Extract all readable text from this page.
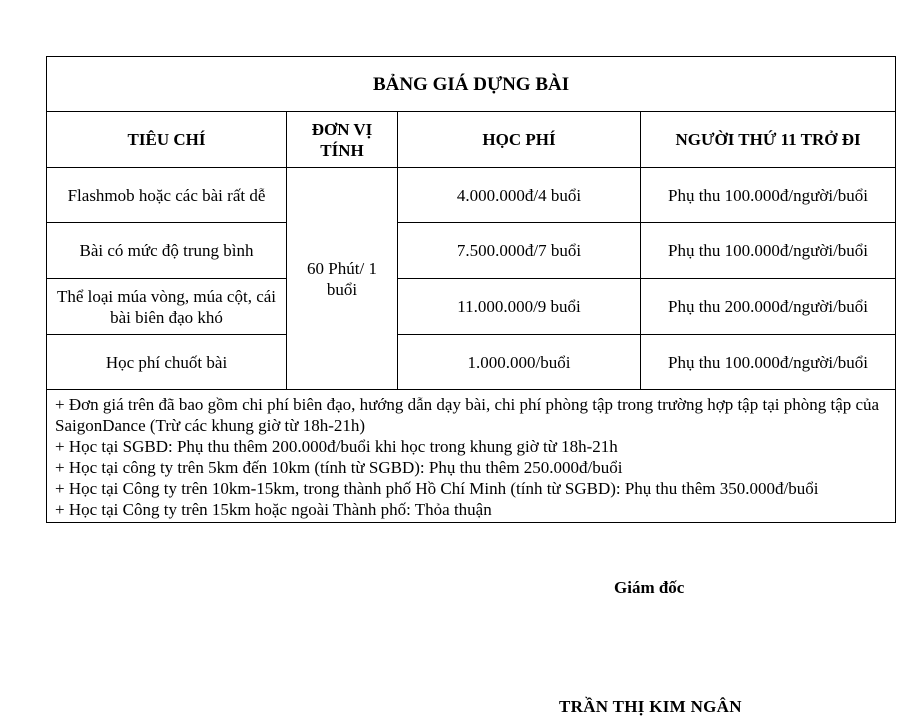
BẢNG GIÁ DỰNG BÀI			
TIÊU CHÍ	ĐƠN VỊ TÍNH	HỌC PHÍ	NGƯỜI THỨ 11 TRỞ ĐI
Flashmob hoặc các bài rất dễ	60 Phút/ 1 buổi	4.000.000đ/4 buổi	Phụ thu 100.000đ/người/buổi
Bài có mức độ trung bình		7.500.000đ/7 buổi	Phụ thu 100.000đ/người/buổi
Thể loại múa vòng, múa cột, cái bài biên đạo khó		11.000.000/9 buổi	Phụ thu 200.000đ/người/buổi
Học phí chuốt bài		1.000.000/buổi	Phụ thu 100.000đ/người/buổi

+ Đơn giá trên đã bao gồm chi phí biên đạo, hướng dẫn dạy bài, chi phí phòng tập trong trường hợp tập tại phòng tập của SaigonDance (Trừ các khung giờ từ 18h-21h)
+ Học tại SGBD: Phụ thu thêm 200.000đ/buổi khi học trong khung giờ từ 18h-21h
+ Học tại công ty trên 5km đến 10km (tính từ SGBD): Phụ thu thêm 250.000đ/buổi
+ Học tại Công ty trên 10km-15km, trong thành phố Hồ Chí Minh (tính từ SGBD): Phụ thu thêm 350.000đ/buổi
+ Học tại Công ty trên 15km hoặc ngoài Thành phố: Thỏa thuận			
Giám đốc
TRẦN THỊ KIM NGÂN
